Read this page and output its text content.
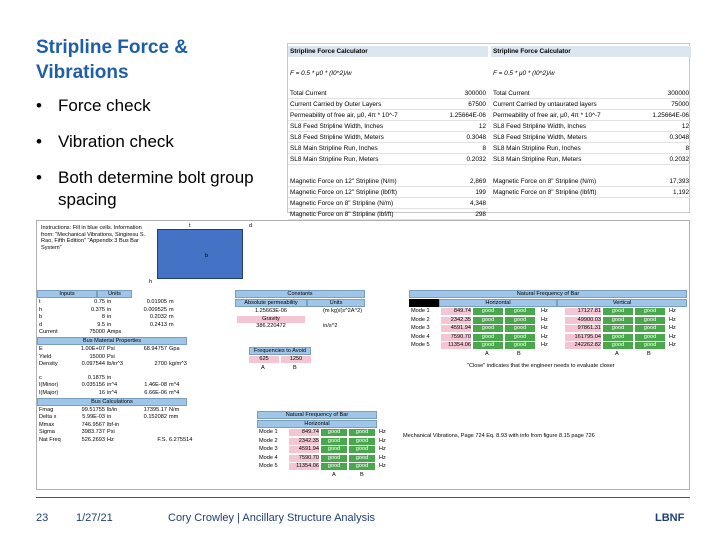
Stripline Force & Vibrations
• Force check
• Vibration check
• Both determine bolt group spacing
Stripline Force Calculator
F = 0.5 * μ0 * (I0^2)/w
Total Current	300000
Current Carried by Outer Layers	67500
Permeability of free air, μ0, 4π * 10^-7	1.25664E-06
SL8 Feed Stripline Width, Inches	12
SL8 Feed Stripline Width, Meters	0.3048
SL8 Main Stripline Run, Inches	8
SL8 Main Stripline Run, Meters	0.2032
Magnetic Force on 12" Stripline (N/m)	2,869
Magnetic Force on 12" Stripline (lbf/ft)	199
Magnetic Force on 8" Stripline (N/m)	4,348
Magnetic Force on 8" Stripline (lbf/ft)	298
Stripline Force Calculator
F = 0.5 * μ0 * (I0^2)/w
Total Current	300000
Current Carried by untaurated layers	75000
Permeability of free air, μ0, 4π * 10^-7	1.25664E-06
SL8 Feed Stripline Width, Inches	12
SL8 Feed Stripline Width, Meters	0.3048
SL8 Main Stripline Run, Inches	8
SL8 Main Stripline Run, Meters	0.2032
Magnetic Force on 8" Stripline (N/m)	17,393
Magnetic Force on 8" Stripline (lbf/ft)	1,192
Instructions: Fill in blue cells. Information from: "Mechanical Vibrations, Singiresu S. Rao, Fifth Edition" "Appendix 3 Bus Bar System"
t	d
b
h
Inputs	Units
t	0.75 in	0.01905 m
h	0.375 in	0.009525 m
b	8 in	0.2032 m
d	9.5 in	0.2413 m
Current	75000 Amps
Bus Material Properties
E	1.00E+07 Psi	68.94757 Gpa
Yield	15000 Psi
Density	0.097544 lb/in^3	2700 kg/m^3
c	0.1875 in
I(Minor)	0.035156 in^4	1.46E-08 m^4
I(Major)	16 in^4	6.66E-06 m^4
Bus Calculations
Fmag	99.51755 lb/in	17395.17 N/m
Delta x	5.99E-03 in	0.152082 mm
Mmax	746.9567 lbf-in
Sigma	3983.737 Psi
Nat Freq	526.2693 Hz	F.S. 6.275514
Constants
Absolute permeability	Units
1.25663E-06	(m kg)/(s^2A^2)
Gravity
386.220472	in/s^2
Frequencies to Avoid
625	1250
A	B
Natural Frequency of Bar
Horizontal	Vertical
Mode 1	849.74	good	good	Hz	17127.81	good	good	Hz
Mode 2	2342.35	good	good	Hz	49900.03	good	good	Hz
Mode 3	4591.94	good	good	Hz	97861.31	good	good	Hz
Mode 4	7590.70	good	good	Hz	161795.04	good	good	Hz
Mode 5	11354.06	good	good	Hz	242262.82	good	good	Hz
A	B	A	B
"Close" indicates that the engineer needs to evaluate closer
Natural Frequency of Bar
Horizontal
Mode 1	849.74	good	good	Hz
Mode 2	2342.35	good	good	Hz
Mode 3	4591.94	good	good	Hz
Mode 4	7590.70	good	good	Hz
Mode 5	11354.06	good	good	Hz
A	B
Mechanical Vibrations, Page 724 Eq. 8.93 with info from figure 8.15 page 726
23	1/27/21	Cory Crowley | Ancillary Structure Analysis	LBNF
